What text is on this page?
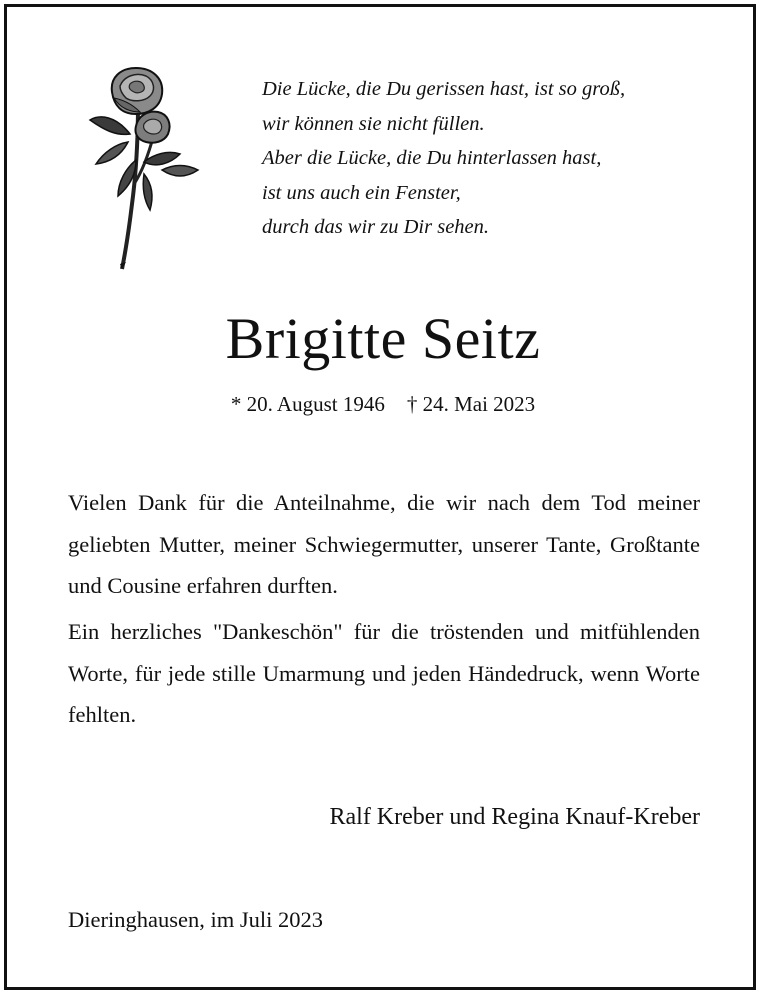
Die Lücke, die Du gerissen hast, ist so groß,
wir können sie nicht füllen.
Aber die Lücke, die Du hinterlassen hast,
ist uns auch ein Fenster,
durch das wir zu Dir sehen.
Brigitte Seitz
* 20. August 1946 † 24. Mai 2023
Vielen Dank für die Anteilnahme, die wir nach dem Tod meiner geliebten Mutter, meiner Schwiegermutter, unserer Tante, Großtante und Cousine erfahren durften.
Ein herzliches "Dankeschön" für die tröstenden und mitfühlenden Worte, für jede stille Umarmung und jeden Händedruck, wenn Worte fehlten.
Ralf Kreber und Regina Knauf-Kreber
Dieringhausen, im Juli 2023
